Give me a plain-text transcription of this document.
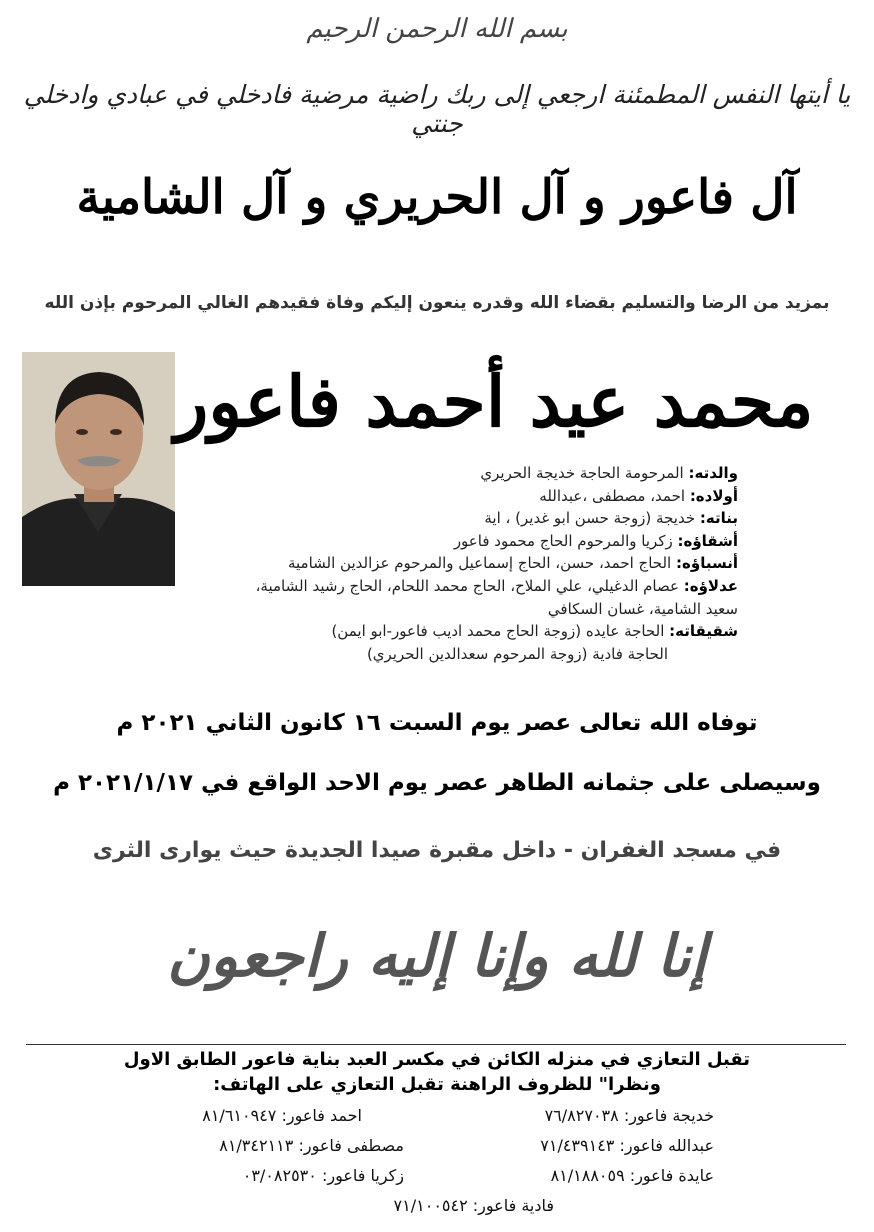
بسم الله الرحمن الرحيم
يا أيتها النفس المطمئنة ارجعي إلى ربك راضية مرضية فادخلي في عبادي وادخلي جنتي
آل فاعور و آل الحريري و آل الشامية
بمزيد من الرضا والتسليم بقضاء الله وقدره ينعون إليكم وفاة فقيدهم الغالي المرحوم بإذن الله
محمد عيد أحمد فاعور
والدته: المرحومة الحاجة خديجة الحريري
أولاده: احمد، مصطفى ،عبدالله
بناته: خديجة (زوجة حسن ابو غدير) ، اية
أشقاؤه: زكريا والمرحوم الحاج محمود فاعور
أنسباؤه: الحاج احمد، حسن، الحاج إسماعيل والمرحوم عزالدين الشامية
عدلاؤه: عصام الدغيلي، علي الملاح، الحاج محمد اللحام، الحاج رشيد الشامية،
سعيد الشامية، غسان السكافي
شقيقاته: الحاجة عايده (زوجة الحاج محمد اديب فاعور-ابو ايمن)
الحاجة فادية (زوجة المرحوم سعدالدين الحريري)
توفاه الله تعالى عصر يوم السبت ١٦ كانون الثاني ٢٠٢١ م
وسيصلى على جثمانه الطاهر عصر يوم الاحد الواقع في ٢٠٢١/١/١٧ م
في مسجد الغفران - داخل مقبرة صيدا الجديدة حيث يوارى الثرى
إنا لله وإنا إليه راجعون
تقبل التعازي في منزله الكائن في مكسر العبد بناية فاعور الطابق الاول
ونظرا" للظروف الراهنة تقبل التعازي على الهاتف:
خديجة فاعور: ٧٦/٨٢٧٠٣٨
احمد فاعور: ٨١/٦١٠٩٤٧
عبدالله فاعور: ٧١/٤٣٩١٤٣
مصطفى فاعور: ٨١/٣٤٢١١٣
عايدة فاعور: ٨١/١٨٨٠٥٩
زكريا فاعور: ٠٣/٠٨٢٥٣٠
فادية فاعور: ٧١/١٠٠٥٤٢
